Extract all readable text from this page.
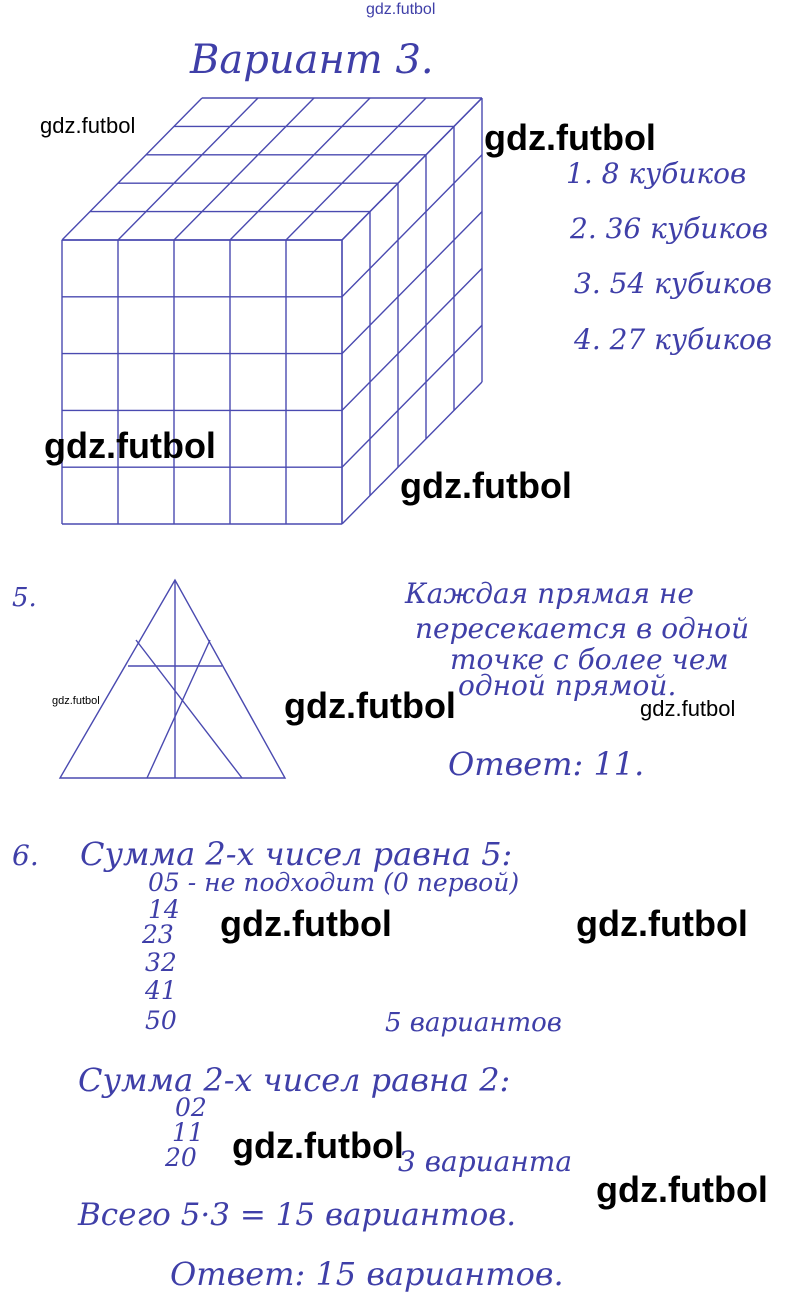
gdz.futbol
Вариант 3.
1. 8 кубиков
2. 36 кубиков
3. 54 кубиков
4. 27 кубиков
5.	Каждая прямая не
пересекается в одной
точке с более чем
одной прямой.
Ответ: 11.
6. Сумма 2-х чисел равна 5:
05 - не подходит (0 первой)
14
23
32
41
50	5 вариантов
Сумма 2-х чисел равна 2:
02
11
20	3 варианта
Всего 5·3 = 15 вариантов.
Ответ: 15 вариантов.
gdz.futbol	gdz.futbol
gdz.futbol
gdz.futbol
gdz.futbol	gdz.futbol	gdz.futbol
gdz.futbol	gdz.futbol
gdz.futbol
gdz.futbol
